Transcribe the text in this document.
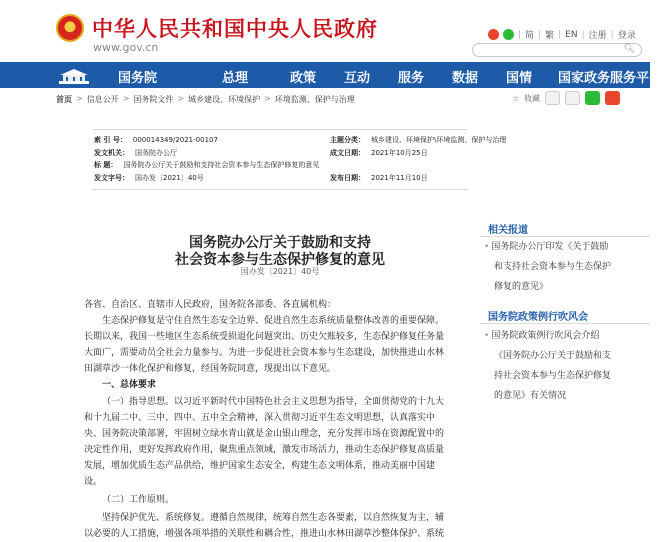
★
中华人民共和国中央人民政府
www.gov.cn
| 简 | 繁 | EN | 注册 | 登录
🔍︎
国务院	总理	政策 互动 服务 数据 国情 国家政务服务平台
首页 > 信息公开 > 国务院文件 > 城乡建设、环境保护 > 环境监测、保护与治理	☆ 收藏
索 引 号： 000014349/2021-00107	主题分类： 城乡建设、环境保护\环境监测、保护与治理
发文机关： 国务院办公厅	成文日期： 2021年10月25日
标 题： 国务院办公厅关于鼓励和支持社会资本参与生态保护修复的意见
发文字号： 国办发〔2021〕40号	发布日期： 2021年11月10日
国务院办公厅关于鼓励和支持
社会资本参与生态保护修复的意见
国办发〔2021〕40号
各省、自治区、直辖市人民政府，国务院各部委、各直属机构：
生态保护修复是守住自然生态安全边界、促进自然生态系统质量整体改善的重要保障。
长期以来，我国一些地区生态系统受损退化问题突出、历史欠账较多，生态保护修复任务量
大面广，需要动员全社会力量参与。为进一步促进社会资本参与生态建设，加快推进山水林
田湖草沙一体化保护和修复，经国务院同意，现提出以下意见。
一、总体要求
（一）指导思想。以习近平新时代中国特色社会主义思想为指导，全面贯彻党的十九大
和十九届二中、三中、四中、五中全会精神，深入贯彻习近平生态文明思想，认真落实中
央、国务院决策部署，牢固树立绿水青山就是金山银山理念，充分发挥市场在资源配置中的
决定性作用，更好发挥政府作用，聚焦重点领域，激发市场活力，推动生态保护修复高质量
发展，增加优质生态产品供给，维护国家生态安全，构建生态文明体系，推动美丽中国建
设。
（二）工作原则。
坚持保护优先、系统修复。遵循自然规律，统筹自然生态各要素，以自然恢复为主，辅
以必要的人工措施，增强各项举措的关联性和耦合性，推进山水林田湖草沙整体保护、系统
相关报道
• 国务院办公厅印发《关于鼓励
和支持社会资本参与生态保护
修复的意见》
国务院政策例行吹风会
• 国务院政策例行吹风会介绍
《国务院办公厅关于鼓励和支
持社会资本参与生态保护修复
的意见》有关情况
